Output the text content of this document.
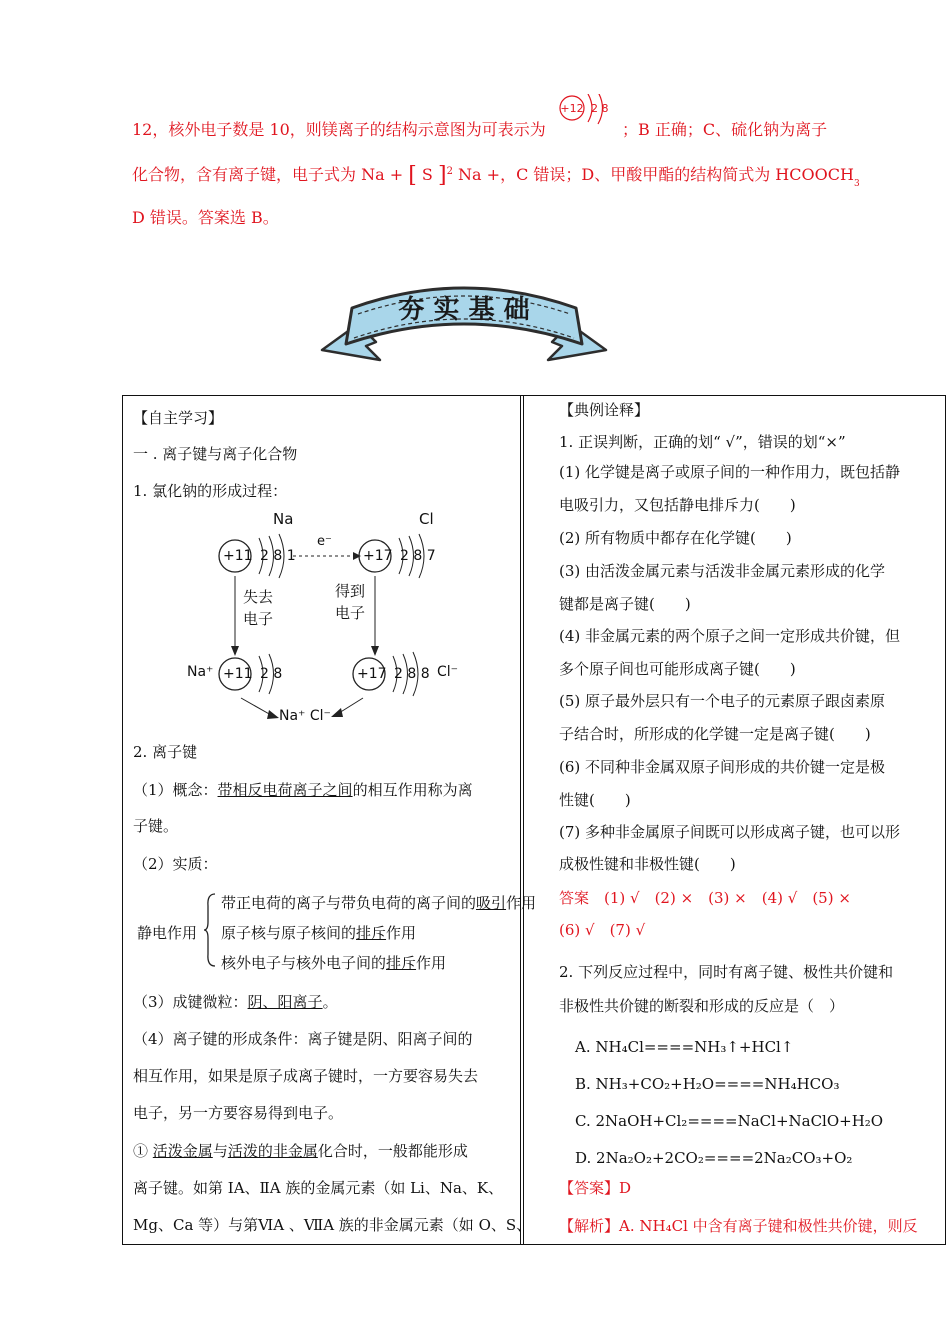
12，核外电子数是 10，则镁离子的结构示意图为可表示为
+12 2 8
；B 正确；C、硫化钠为离子
化合物，含有离子键，电子式为 Na + [ S ]$^2$ Na +，C 错误；D、甲酸甲酯的结构简式为 $HCOOCH_3$
D 错误。答案选 B。
夯 实 基 础
【自主学习】
一 . 离子键与离子化合物
1. 氯化钠的形成过程：
Na	Cl
+11 2 8 1
e⁻
+17 2 8 7
失去
电子
得到
电子
Na⁺ +11 2 8	+17 2 8 8 Cl⁻
Na⁺ Cl⁻
2. 离子键
（1）概念：带相反电荷离子之间的相互作用称为离
子键。
（2）实质：
静电作用
带正电荷的离子与带负电荷的离子间的吸引作用
原子核与原子核间的排斥作用
核外电子与核外电子间的排斥作用
（3）成键微粒：阴、阳离子。
（4）离子键的形成条件：离子键是阴、阳离子间的
相互作用，如果是原子成离子键时，一方要容易失去
电子，另一方要容易得到电子。
① 活泼金属与活泼的非金属化合时，一般都能形成
离子键。如第 IA、ⅡA 族的金属元素（如 Li、Na、K、
Mg、Ca 等）与第ⅥA 、ⅦA 族的非金属元素（如 O、S、
【典例诠释】
1. 正误判断，正确的划“ √”，错误的划“×”
(1) 化学键是离子或原子间的一种作用力，既包括静
电吸引力，又包括静电排斥力(　　)
(2) 所有物质中都存在化学键(　　)
(3) 由活泼金属元素与活泼非金属元素形成的化学
键都是离子键(　　)
(4) 非金属元素的两个原子之间一定形成共价键，但
多个原子间也可能形成离子键(　　)
(5) 原子最外层只有一个电子的元素原子跟卤素原
子结合时，所形成的化学键一定是离子键(　　)
(6) 不同种非金属双原子间形成的共价键一定是极
性键(　　)
(7) 多种非金属原子间既可以形成离子键，也可以形
成极性键和非极性键(　　)
答案　(1) √　(2) ×　(3) ×　(4) √　(5) ×
(6) √　(7) √
2. 下列反应过程中，同时有离子键、极性共价键和
非极性共价键的断裂和形成的反应是（　）
A. NH₄Cl====NH₃↑+HCl↑
B. NH₃+CO₂+H₂O====NH₄HCO₃
C. 2NaOH+Cl₂====NaCl+NaClO+H₂O
D. 2Na₂O₂+2CO₂====2Na₂CO₃+O₂
【答案】D
【解析】A. NH₄Cl 中含有离子键和极性共价键，则反
